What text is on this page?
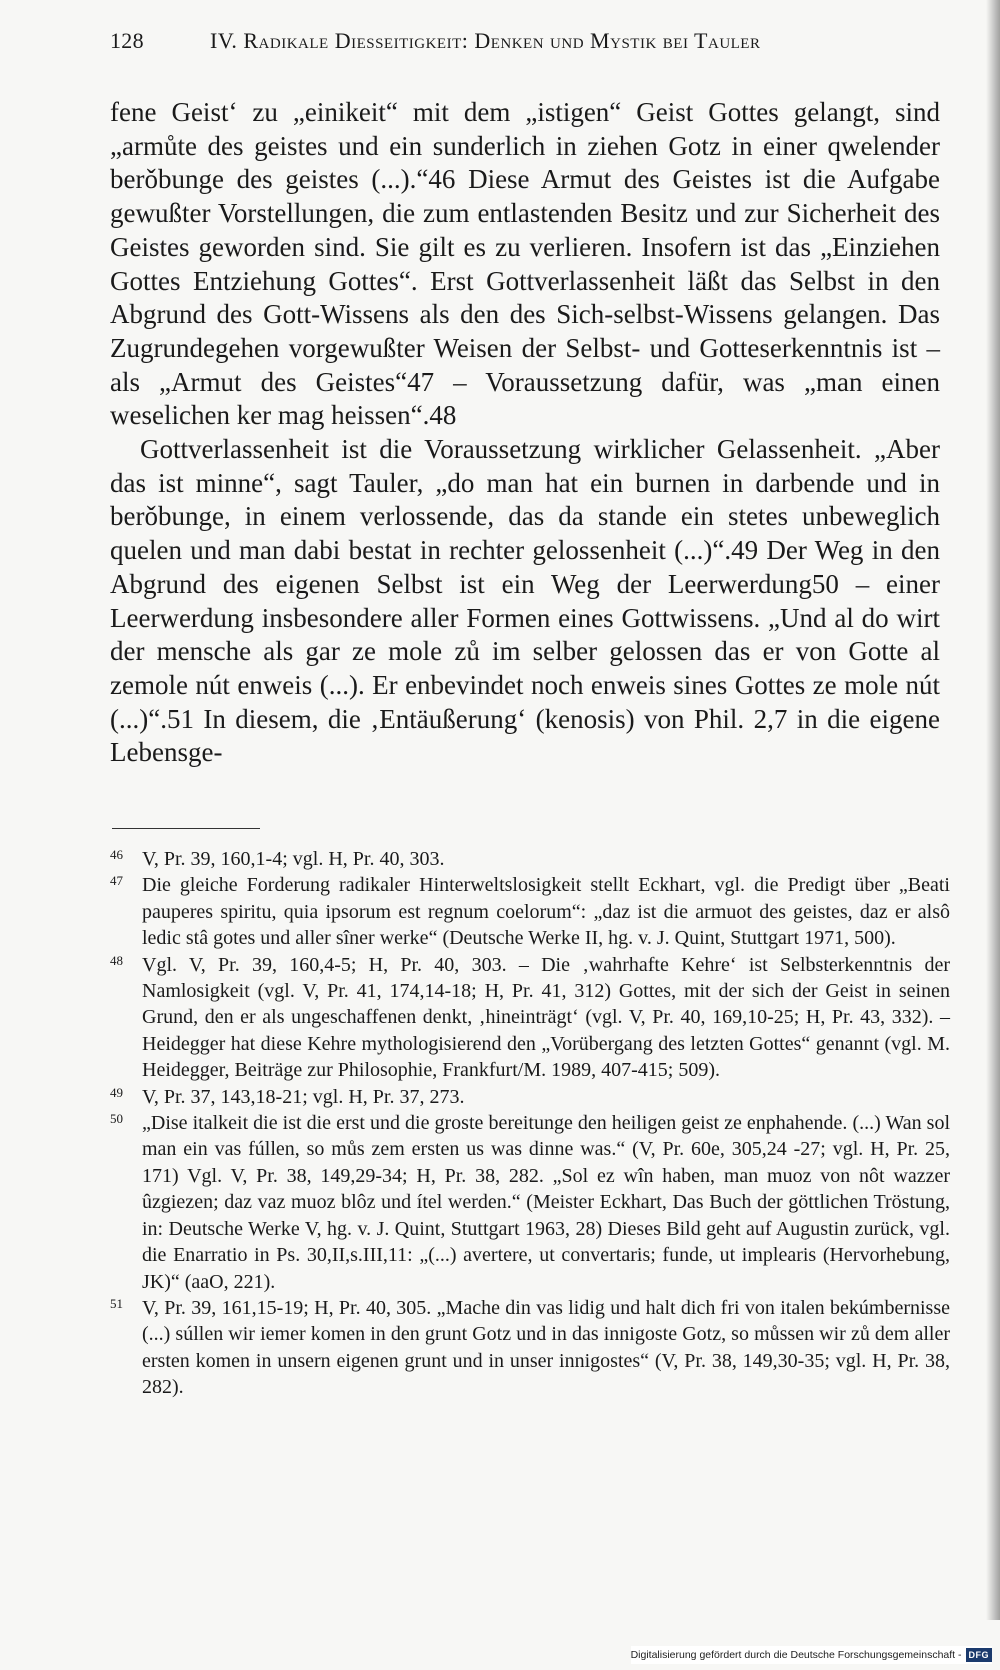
128	IV. Radikale Diesseitigkeit: Denken und Mystik bei Tauler

fene Geist‘ zu „einikeit“ mit dem „istigen“ Geist Gottes gelangt, sind „armůte des geistes und ein sunderlich in ziehen Gotz in einer qwelender berǒbunge des geistes (...).“46 Diese Armut des Geistes ist die Aufgabe gewußter Vorstellungen, die zum entlastenden Besitz und zur Sicherheit des Geistes geworden sind. Sie gilt es zu verlieren. Insofern ist das „Einziehen Gottes Entziehung Gottes“. Erst Gottverlassenheit läßt das Selbst in den Abgrund des Gott-Wissens als den des Sich-selbst-Wissens gelangen. Das Zugrundegehen vorgewußter Weisen der Selbst- und Gotteserkenntnis ist – als „Armut des Geistes“47 – Voraussetzung dafür, was „man einen weselichen ker mag heissen“.48

Gottverlassenheit ist die Voraussetzung wirklicher Gelassenheit. „Aber das ist minne“, sagt Tauler, „do man hat ein burnen in darbende und in berǒbunge, in einem verlossende, das da stande ein stetes unbeweglich quelen und man dabi bestat in rechter gelossenheit (...)“.49 Der Weg in den Abgrund des eigenen Selbst ist ein Weg der Leerwerdung50 – einer Leerwerdung insbesondere aller Formen eines Gottwissens. „Und al do wirt der mensche als gar ze mole zů im selber gelossen das er von Gotte al zemole nút enweis (...). Er enbevindet noch enweis sines Gottes ze mole nút (...)“.51 In diesem, die ‚Entäußerung‘ (kenosis) von Phil. 2,7 in die eigene Lebensge-

46 V, Pr. 39, 160,1-4; vgl. H, Pr. 40, 303.
47 Die gleiche Forderung radikaler Hinterweltslosigkeit stellt Eckhart, vgl. die Predigt über „Beati pauperes spiritu, quia ipsorum est regnum coelorum“: „daz ist die armuot des geistes, daz er alsô ledic stâ gotes und aller sîner werke“ (Deutsche Werke II, hg. v. J. Quint, Stuttgart 1971, 500).
48 Vgl. V, Pr. 39, 160,4-5; H, Pr. 40, 303. – Die ‚wahrhafte Kehre‘ ist Selbsterkenntnis der Namlosigkeit (vgl. V, Pr. 41, 174,14-18; H, Pr. 41, 312) Gottes, mit der sich der Geist in seinen Grund, den er als ungeschaffenen denkt, ‚hineinträgt‘ (vgl. V, Pr. 40, 169,10-25; H, Pr. 43, 332). – Heidegger hat diese Kehre mythologisierend den „Vorübergang des letzten Gottes“ genannt (vgl. M. Heidegger, Beiträge zur Philosophie, Frankfurt/M. 1989, 407-415; 509).
49 V, Pr. 37, 143,18-21; vgl. H, Pr. 37, 273.
50 „Dise italkeit die ist die erst und die groste bereitunge den heiligen geist ze enphahende. (...) Wan sol man ein vas fúllen, so můs zem ersten us was dinne was.“ (V, Pr. 60e, 305,24 -27; vgl. H, Pr. 25, 171) Vgl. V, Pr. 38, 149,29-34; H, Pr. 38, 282. „Sol ez wîn haben, man muoz von nôt wazzer ûzgiezen; daz vaz muoz blôz und ítel werden.“ (Meister Eckhart, Das Buch der göttlichen Tröstung, in: Deutsche Werke V, hg. v. J. Quint, Stuttgart 1963, 28) Dieses Bild geht auf Augustin zurück, vgl. die Enarratio in Ps. 30,II,s.III,11: „(...) avertere, ut convertaris; funde, ut implearis (Hervorhebung, JK)“ (aaO, 221).
51 V, Pr. 39, 161,15-19; H, Pr. 40, 305. „Mache din vas lidig und halt dich fri von italen bekúmbernisse (...) súllen wir iemer komen in den grunt Gotz und in das innigoste Gotz, so můssen wir zů dem aller ersten komen in unsern eigenen grunt und in unser innigostes“ (V, Pr. 38, 149,30-35; vgl. H, Pr. 38, 282).
Digitalisierung gefördert durch die Deutsche Forschungsgemeinschaft - DFG
